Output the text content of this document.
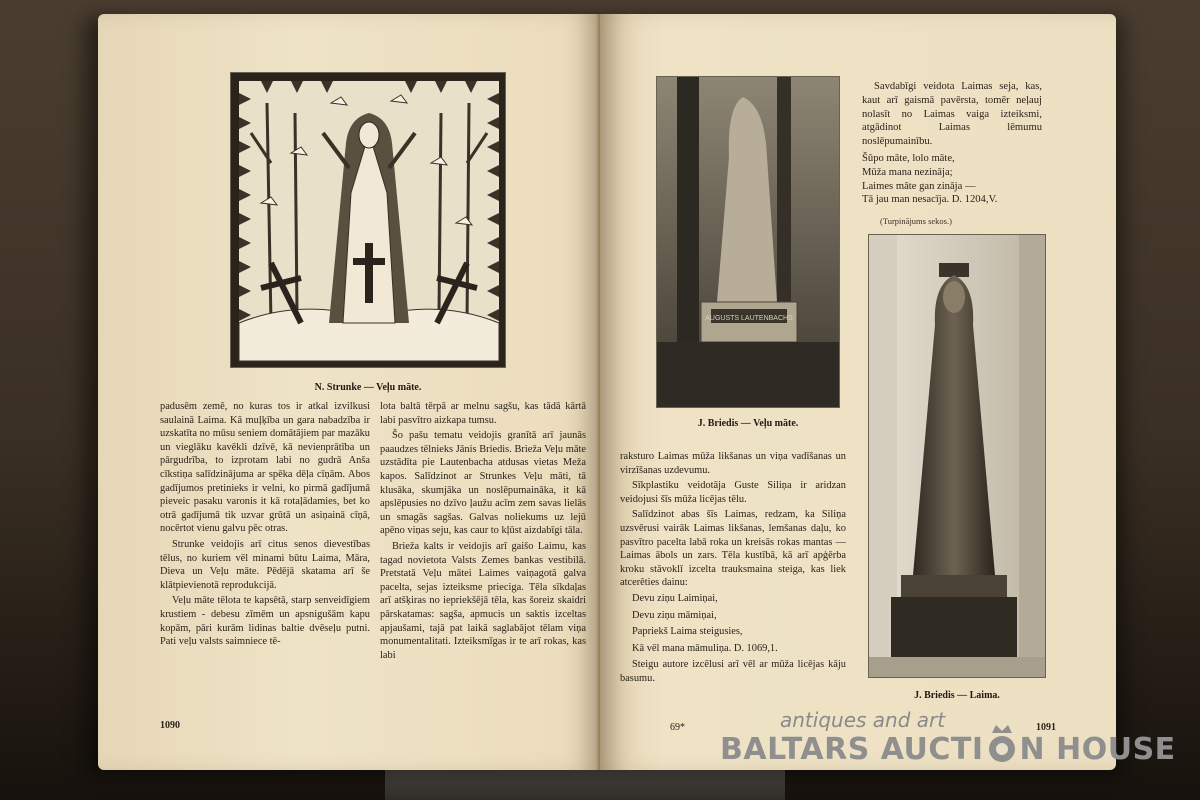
N. Strunke — Veļu māte.

padusēm zemē, no kuras tos ir atkal izvilkusi saulainā Laima. Kā muļķība un gara nabadzība ir uzskatīta no mūsu seniem domātājiem par mazāku un vieglāku kavēkli dzīvē, kā nevienprātība un pārgudrība, to izprotam labi no gudrā Anša cīkstiņa salīdzinājuma ar spēka dēļa cīņām. Abos gadījumos pretinieks ir velni, ko pirmā gadījumā pieveic pasaku varonis it kā rotaļādamies, bet ko otrā gadījumā tik uzvar grūtā un asiņainā cīņā, nocērtot vienu galvu pēc otras.

Strunke veidojis arī citus senos dievestības tēlus, no kuriem vēl minami būtu Laima, Māra, Dieva un Veļu māte. Pēdējā skatama arī še klātpievienotā reprodukcijā.

Veļu māte tēlota te kapsētā, starp senveidīgiem krustiem - debesu zīmēm un apsnigušām kapu kopām, pāri kurām lidinas baltie dvēseļu putni. Pati veļu valsts saimniece tē-

lota baltā tērpā ar melnu sagšu, kas tādā kārtā labi pasvītro aizkapa tumsu.

Šo pašu tematu veidojis granītā arī jaunās paaudzes tēlnieks Jānis Briedis. Brieža Veļu māte uzstādīta pie Lautenbacha atdusas vietas Meža kapos. Salīdzinot ar Strunkes Veļu māti, tā klusāka, skumjāka un noslēpumaināka, it kā apslēpusies no dzīvo ļaužu acīm zem savas lielās un smagās sagšas. Galvas noliekums uz lejū apēno viņas seju, kas caur to kļūst aizdabīgi tāla.

Brieža kalts ir veidojis arī gaišo Laimu, kas tagad novietota Valsts Zemes bankas vestibilā. Pretstatā Veļu mātei Laimes vaiņagotā galva pacelta, sejas izteiksme prieciga. Tēla sīkdaļas arī atšķiras no iepriekšējā tēla, kas šoreiz skaidri pārskatamas: sagša, apmucis un saktis izceltas apjaušami, tajā pat laikā saglabājot tēlam viņa monumentalitati. Izteiksmīgas ir te arī rokas, kas labi

1090
AUGUSTS LAUTENBACHS
J. Briedis — Veļu māte.
Savdabīgi veidota Laimas seja, kas, kaut arī gaismā pavērsta, tomēr neļauj nolasīt no Laimas vaiga izteiksmi, atgādinot Laimas lēmumu noslēpumainību.
Šūpo māte, lolo māte,
Mūža mana nezināja;
Laimes māte gan zināja —
Tā jau man nesacīja. D. 1204,V.
(Turpinājums sekos.)
J. Briedis — Laima.

raksturo Laimas mūža likšanas un viņa vadīšanas un virzīšanas uzdevumu.

Sīkplastiku veidotāja Guste Siliņa ir aridzan veidojusi šīs mūža licējas tēlu.

Salīdzinot abas šīs Laimas, redzam, ka Siliņa uzsvērusi vairāk Laimas likšanas, lemšanas daļu, ko pasvītro pacelta labā roka un kreisās rokas mantas — Laimas ābols un zars. Tēla kustībā, kā arī apģērba kroku stāvoklī izcelta trauksmaina steiga, kas liek atcerēties dainu:

Devu ziņu Laimiņai,
Devu ziņu māmiņai,
Papriekš Laima steigusies,
Kā vēl mana māmuliņa. D. 1069,1.

Steigu autore izcēlusi arī vēl ar mūža licējas kāju basumu.

69*	1091
antiques and art
BALTARS AUCTI N HOUSE
